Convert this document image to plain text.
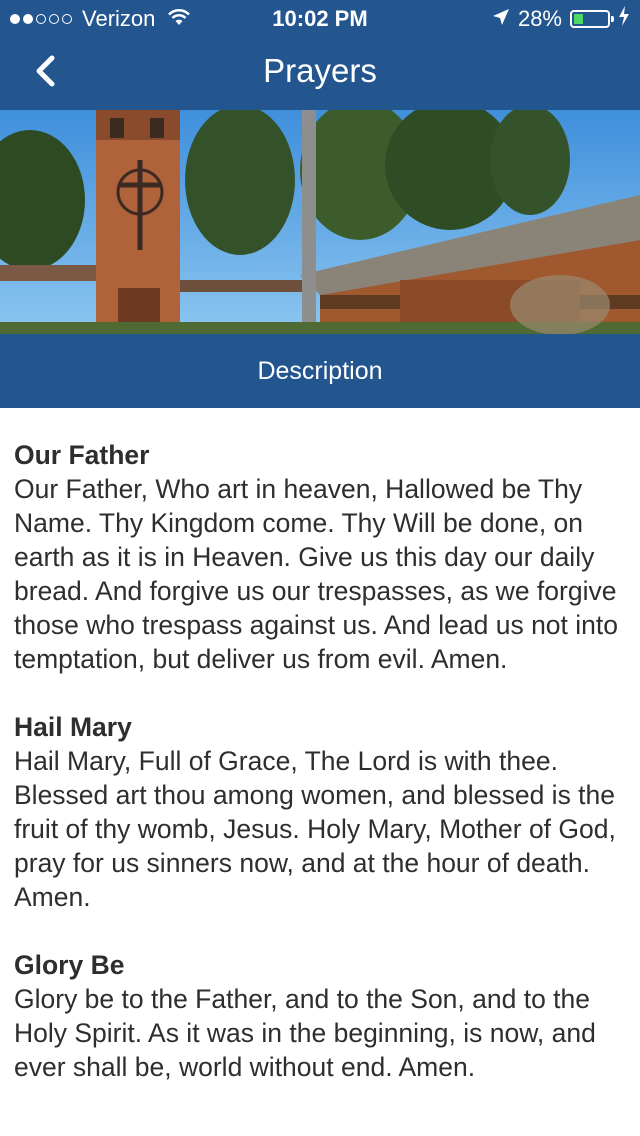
Verizon	10:02 PM	28%
Prayers
Description
Our Father
Our Father, Who art in heaven, Hallowed be Thy Name. Thy Kingdom come. Thy Will be done, on earth as it is in Heaven. Give us this day our daily bread. And forgive us our trespasses, as we forgive those who trespass against us. And lead us not into temptation, but deliver us from evil. Amen.
Hail Mary
Hail Mary, Full of Grace, The Lord is with thee. Blessed art thou among women, and blessed is the fruit of thy womb, Jesus. Holy Mary, Mother of God, pray for us sinners now, and at the hour of death. Amen.
Glory Be
Glory be to the Father, and to the Son, and to the Holy Spirit. As it was in the beginning, is now, and ever shall be, world without end. Amen.
